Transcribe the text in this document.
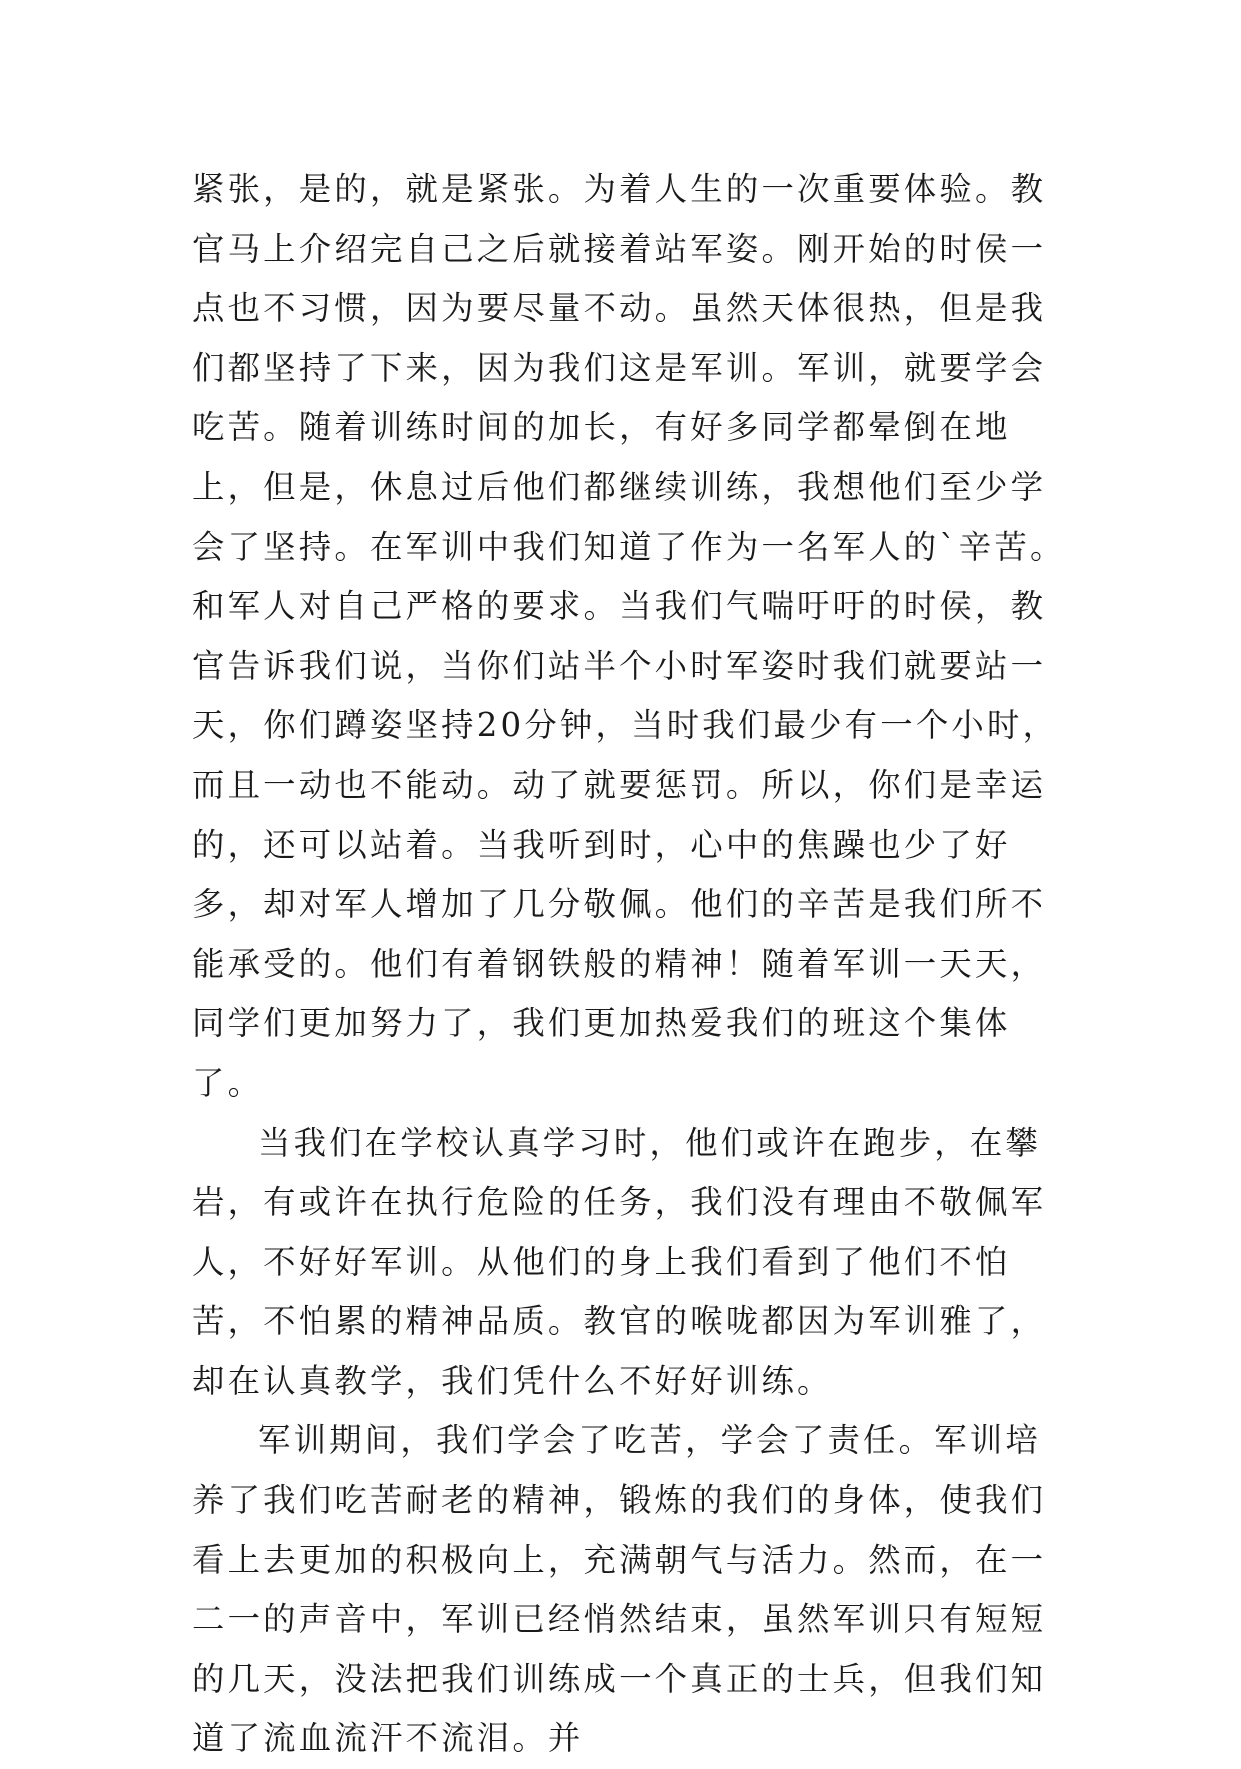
紧张，是的，就是紧张。为着人生的一次重要体验。教官马上介绍完自己之后就接着站军姿。刚开始的时侯一点也不习惯，因为要尽量不动。虽然天体很热，但是我们都坚持了下来，因为我们这是军训。军训，就要学会吃苦。随着训练时间的加长，有好多同学都晕倒在地上，但是，休息过后他们都继续训练，我想他们至少学会了坚持。在军训中我们知道了作为一名军人的`辛苦。和军人对自己严格的要求。当我们气喘吁吁的时侯，教官告诉我们说，当你们站半个小时军姿时我们就要站一天，你们蹲姿坚持20分钟，当时我们最少有一个小时，而且一动也不能动。动了就要惩罚。所以，你们是幸运的，还可以站着。当我听到时，心中的焦躁也少了好多，却对军人增加了几分敬佩。他们的辛苦是我们所不能承受的。他们有着钢铁般的精神！随着军训一天天，同学们更加努力了，我们更加热爱我们的班这个集体了。

当我们在学校认真学习时，他们或许在跑步，在攀岩，有或许在执行危险的任务，我们没有理由不敬佩军人，不好好军训。从他们的身上我们看到了他们不怕苦，不怕累的精神品质。教官的喉咙都因为军训雅了，却在认真教学，我们凭什么不好好训练。

军训期间，我们学会了吃苦，学会了责任。军训培养了我们吃苦耐老的精神，锻炼的我们的身体，使我们看上去更加的积极向上，充满朝气与活力。然而，在一二一的声音中，军训已经悄然结束，虽然军训只有短短的几天，没法把我们训练成一个真正的士兵，但我们知道了流血流汗不流泪。并
